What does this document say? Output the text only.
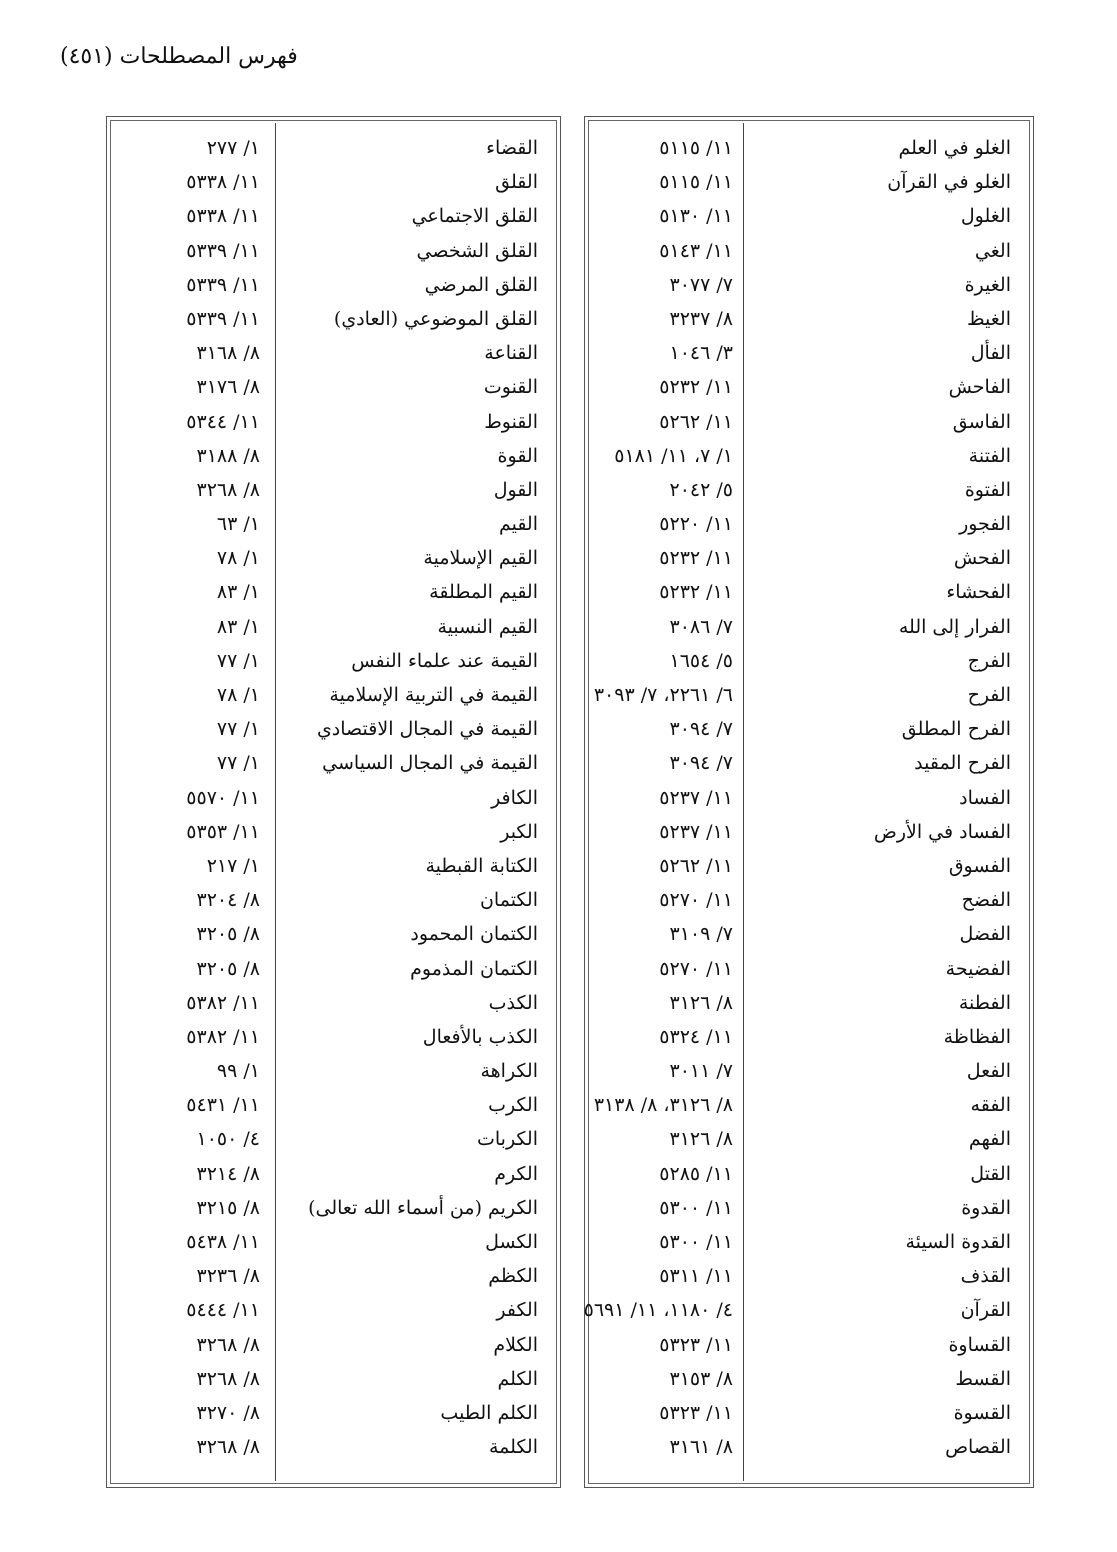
فهرس المصطلحات (٤٥١)
الغلو في العلم
١١/ ٥١١٥
الغلو في القرآن
١١/ ٥١١٥
الغلول
١١/ ٥١٣٠
الغي
١١/ ٥١٤٣
الغيرة
٧/ ٣٠٧٧
الغيظ
٨/ ٣٢٣٧
الفأل
٣/ ١٠٤٦
الفاحش
١١/ ٥٢٣٢
الفاسق
١١/ ٥٢٦٢
الفتنة
١/ ٧، ١١/ ٥١٨١
الفتوة
٥/ ٢٠٤٢
الفجور
١١/ ٥٢٢٠
الفحش
١١/ ٥٢٣٢
الفحشاء
١١/ ٥٢٣٢
الفرار إلى الله
٧/ ٣٠٨٦
الفرج
٥/ ١٦٥٤
الفرح
٦/ ٢٢٦١، ٧/ ٣٠٩٣
الفرح المطلق
٧/ ٣٠٩٤
الفرح المقيد
٧/ ٣٠٩٤
الفساد
١١/ ٥٢٣٧
الفساد في الأرض
١١/ ٥٢٣٧
الفسوق
١١/ ٥٢٦٢
الفضح
١١/ ٥٢٧٠
الفضل
٧/ ٣١٠٩
الفضيحة
١١/ ٥٢٧٠
الفطنة
٨/ ٣١٢٦
الفظاظة
١١/ ٥٣٢٤
الفعل
٧/ ٣٠١١
الفقه
٨/ ٣١٢٦، ٨/ ٣١٣٨
الفهم
٨/ ٣١٢٦
القتل
١١/ ٥٢٨٥
القدوة
١١/ ٥٣٠٠
القدوة السيئة
١١/ ٥٣٠٠
القذف
١١/ ٥٣١١
القرآن
٤/ ١١٨٠، ١١/ ٥٦٩١
القساوة
١١/ ٥٣٢٣
القسط
٨/ ٣١٥٣
القسوة
١١/ ٥٣٢٣
القصاص
٨/ ٣١٦١
القضاء
١/ ٢٧٧
القلق
١١/ ٥٣٣٨
القلق الاجتماعي
١١/ ٥٣٣٨
القلق الشخصي
١١/ ٥٣٣٩
القلق المرضي
١١/ ٥٣٣٩
القلق الموضوعي (العادي)
١١/ ٥٣٣٩
القناعة
٨/ ٣١٦٨
القنوت
٨/ ٣١٧٦
القنوط
١١/ ٥٣٤٤
القوة
٨/ ٣١٨٨
القول
٨/ ٣٢٦٨
القيم
١/ ٦٣
القيم الإسلامية
١/ ٧٨
القيم المطلقة
١/ ٨٣
القيم النسبية
١/ ٨٣
القيمة عند علماء النفس
١/ ٧٧
القيمة في التربية الإسلامية
١/ ٧٨
القيمة في المجال الاقتصادي
١/ ٧٧
القيمة في المجال السياسي
١/ ٧٧
الكافر
١١/ ٥٥٧٠
الكبر
١١/ ٥٣٥٣
الكتابة القبطية
١/ ٢١٧
الكتمان
٨/ ٣٢٠٤
الكتمان المحمود
٨/ ٣٢٠٥
الكتمان المذموم
٨/ ٣٢٠٥
الكذب
١١/ ٥٣٨٢
الكذب بالأفعال
١١/ ٥٣٨٢
الكراهة
١/ ٩٩
الكرب
١١/ ٥٤٣١
الكربات
٤/ ١٠٥٠
الكرم
٨/ ٣٢١٤
الكريم (من أسماء الله تعالى)
٨/ ٣٢١٥
الكسل
١١/ ٥٤٣٨
الكظم
٨/ ٣٢٣٦
الكفر
١١/ ٥٤٤٤
الكلام
٨/ ٣٢٦٨
الكلم
٨/ ٣٢٦٨
الكلم الطيب
٨/ ٣٢٧٠
الكلمة
٨/ ٣٢٦٨
